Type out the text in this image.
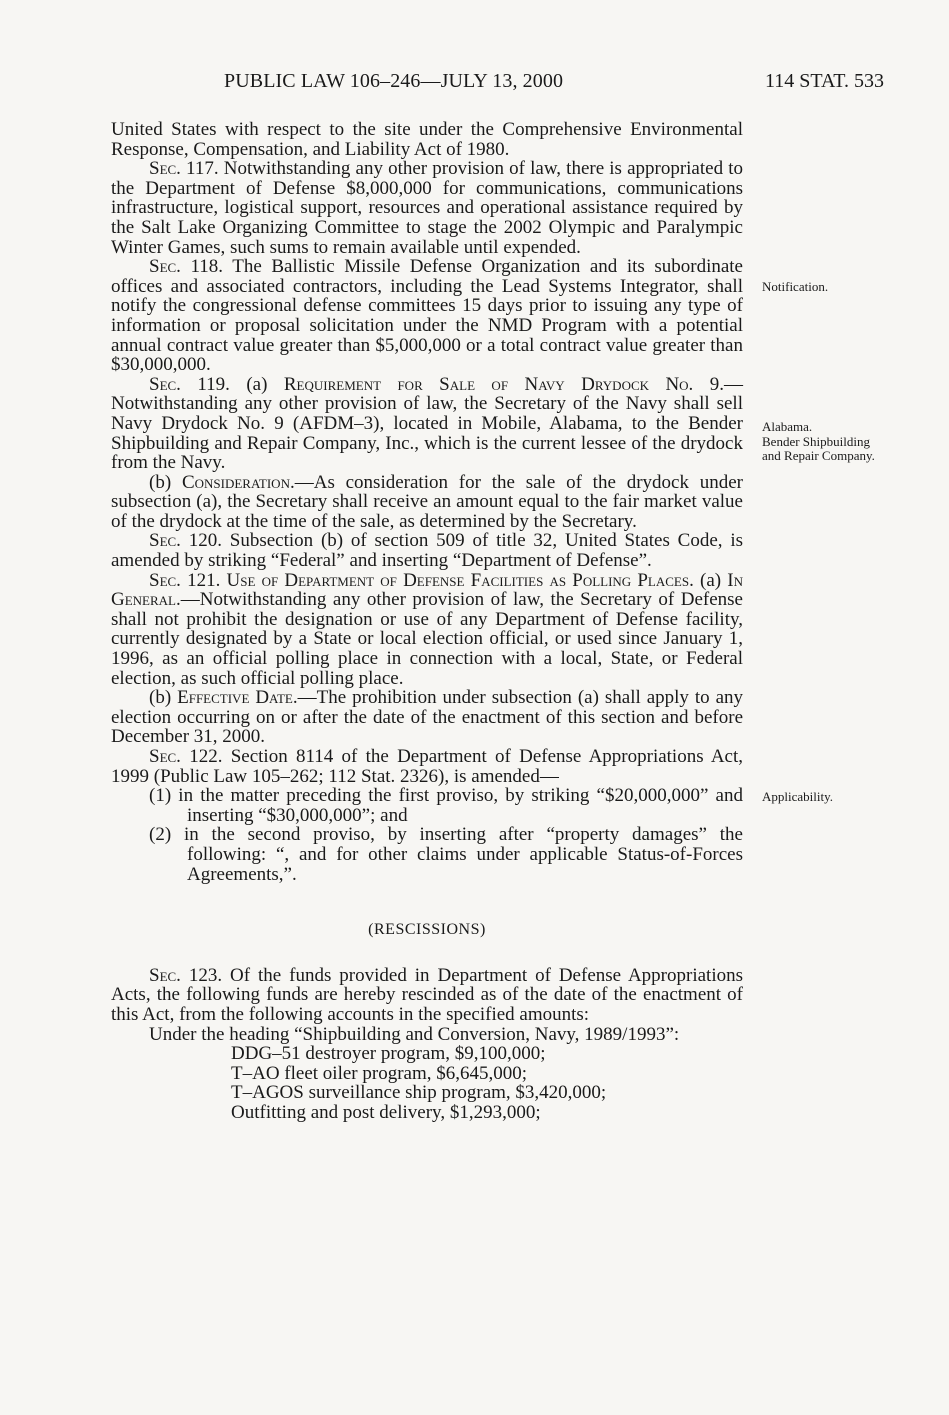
PUBLIC LAW 106–246—JULY 13, 2000	114 STAT. 533

United States with respect to the site under the Comprehensive Environmental Response, Compensation, and Liability Act of 1980.

Sec. 117. Notwithstanding any other provision of law, there is appropriated to the Department of Defense $8,000,000 for communications, communications infrastructure, logistical support, resources and operational assistance required by the Salt Lake Organizing Committee to stage the 2002 Olympic and Paralympic Winter Games, such sums to remain available until expended.

Sec. 118. The Ballistic Missile Defense Organization and its subordinate offices and associated contractors, including the Lead Systems Integrator, shall notify the congressional defense committees 15 days prior to issuing any type of information or proposal solicitation under the NMD Program with a potential annual contract value greater than $5,000,000 or a total contract value greater than $30,000,000.

Sec. 119. (a) Requirement for Sale of Navy Drydock No. 9.—Notwithstanding any other provision of law, the Secretary of the Navy shall sell Navy Drydock No. 9 (AFDM–3), located in Mobile, Alabama, to the Bender Shipbuilding and Repair Company, Inc., which is the current lessee of the drydock from the Navy.

(b) Consideration.—As consideration for the sale of the drydock under subsection (a), the Secretary shall receive an amount equal to the fair market value of the drydock at the time of the sale, as determined by the Secretary.

Sec. 120. Subsection (b) of section 509 of title 32, United States Code, is amended by striking “Federal” and inserting “Department of Defense”.

Sec. 121. Use of Department of Defense Facilities as Polling Places. (a) In General.—Notwithstanding any other provision of law, the Secretary of Defense shall not prohibit the designation or use of any Department of Defense facility, currently designated by a State or local election official, or used since January 1, 1996, as an official polling place in connection with a local, State, or Federal election, as such official polling place.

(b) Effective Date.—The prohibition under subsection (a) shall apply to any election occurring on or after the date of the enactment of this section and before December 31, 2000.

Sec. 122. Section 8114 of the Department of Defense Appropriations Act, 1999 (Public Law 105–262; 112 Stat. 2326), is amended—

(1) in the matter preceding the first proviso, by striking “$20,000,000” and inserting “$30,000,000”; and

(2) in the second proviso, by inserting after “property damages” the following: “, and for other claims under applicable Status-of-Forces Agreements,”.

(RESCISSIONS)

Sec. 123. Of the funds provided in Department of Defense Appropriations Acts, the following funds are hereby rescinded as of the date of the enactment of this Act, from the following accounts in the specified amounts:

Under the heading “Shipbuilding and Conversion, Navy, 1989/1993”:

DDG–51 destroyer program, $9,100,000;
T–AO fleet oiler program, $6,645,000;
T–AGOS surveillance ship program, $3,420,000;
Outfitting and post delivery, $1,293,000;
Notification.
Alabama.
Bender Shipbuilding and Repair Company.
Applicability.
